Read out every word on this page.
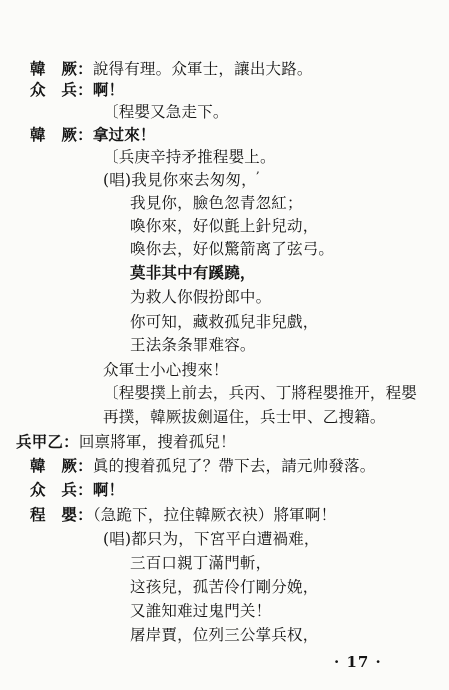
韓　厥：說得有理。众軍士，讓出大路。
众　兵：啊！
〔程嬰又急走下。
韓　厥：拿过來！
〔兵庚辛持矛推程嬰上。
(唱)我見你來去匆匆，
,
我見你，臉色忽青忽紅；
喚你來，好似氈上針兒动，
喚你去，好似驚箭离了弦弓。
莫非其中有蹊蹺，
为救人你假扮郎中。
你可知，藏救孤兒非兒戲，
王法条条罪难容。
众軍士小心搜來！
〔程嬰撲上前去，兵丙、丁將程嬰推开，程嬰
再撲，韓厥拔劍逼住，兵士甲、乙搜籍。
兵甲乙：回禀將軍，搜着孤兒！
韓　厥：眞的搜着孤兒了？帶下去，請元帅發落。
众　兵：啊！
程　嬰：（急跪下，拉住韓厥衣袂）將軍啊！
(唱)都只为，下宮平白遭禍难，
三百口親丁滿門斬，
这孩兒，孤苦伶仃剛分娩，
又誰知难过鬼門关！
屠岸賈，位列三公掌兵权，
· 17 ·
